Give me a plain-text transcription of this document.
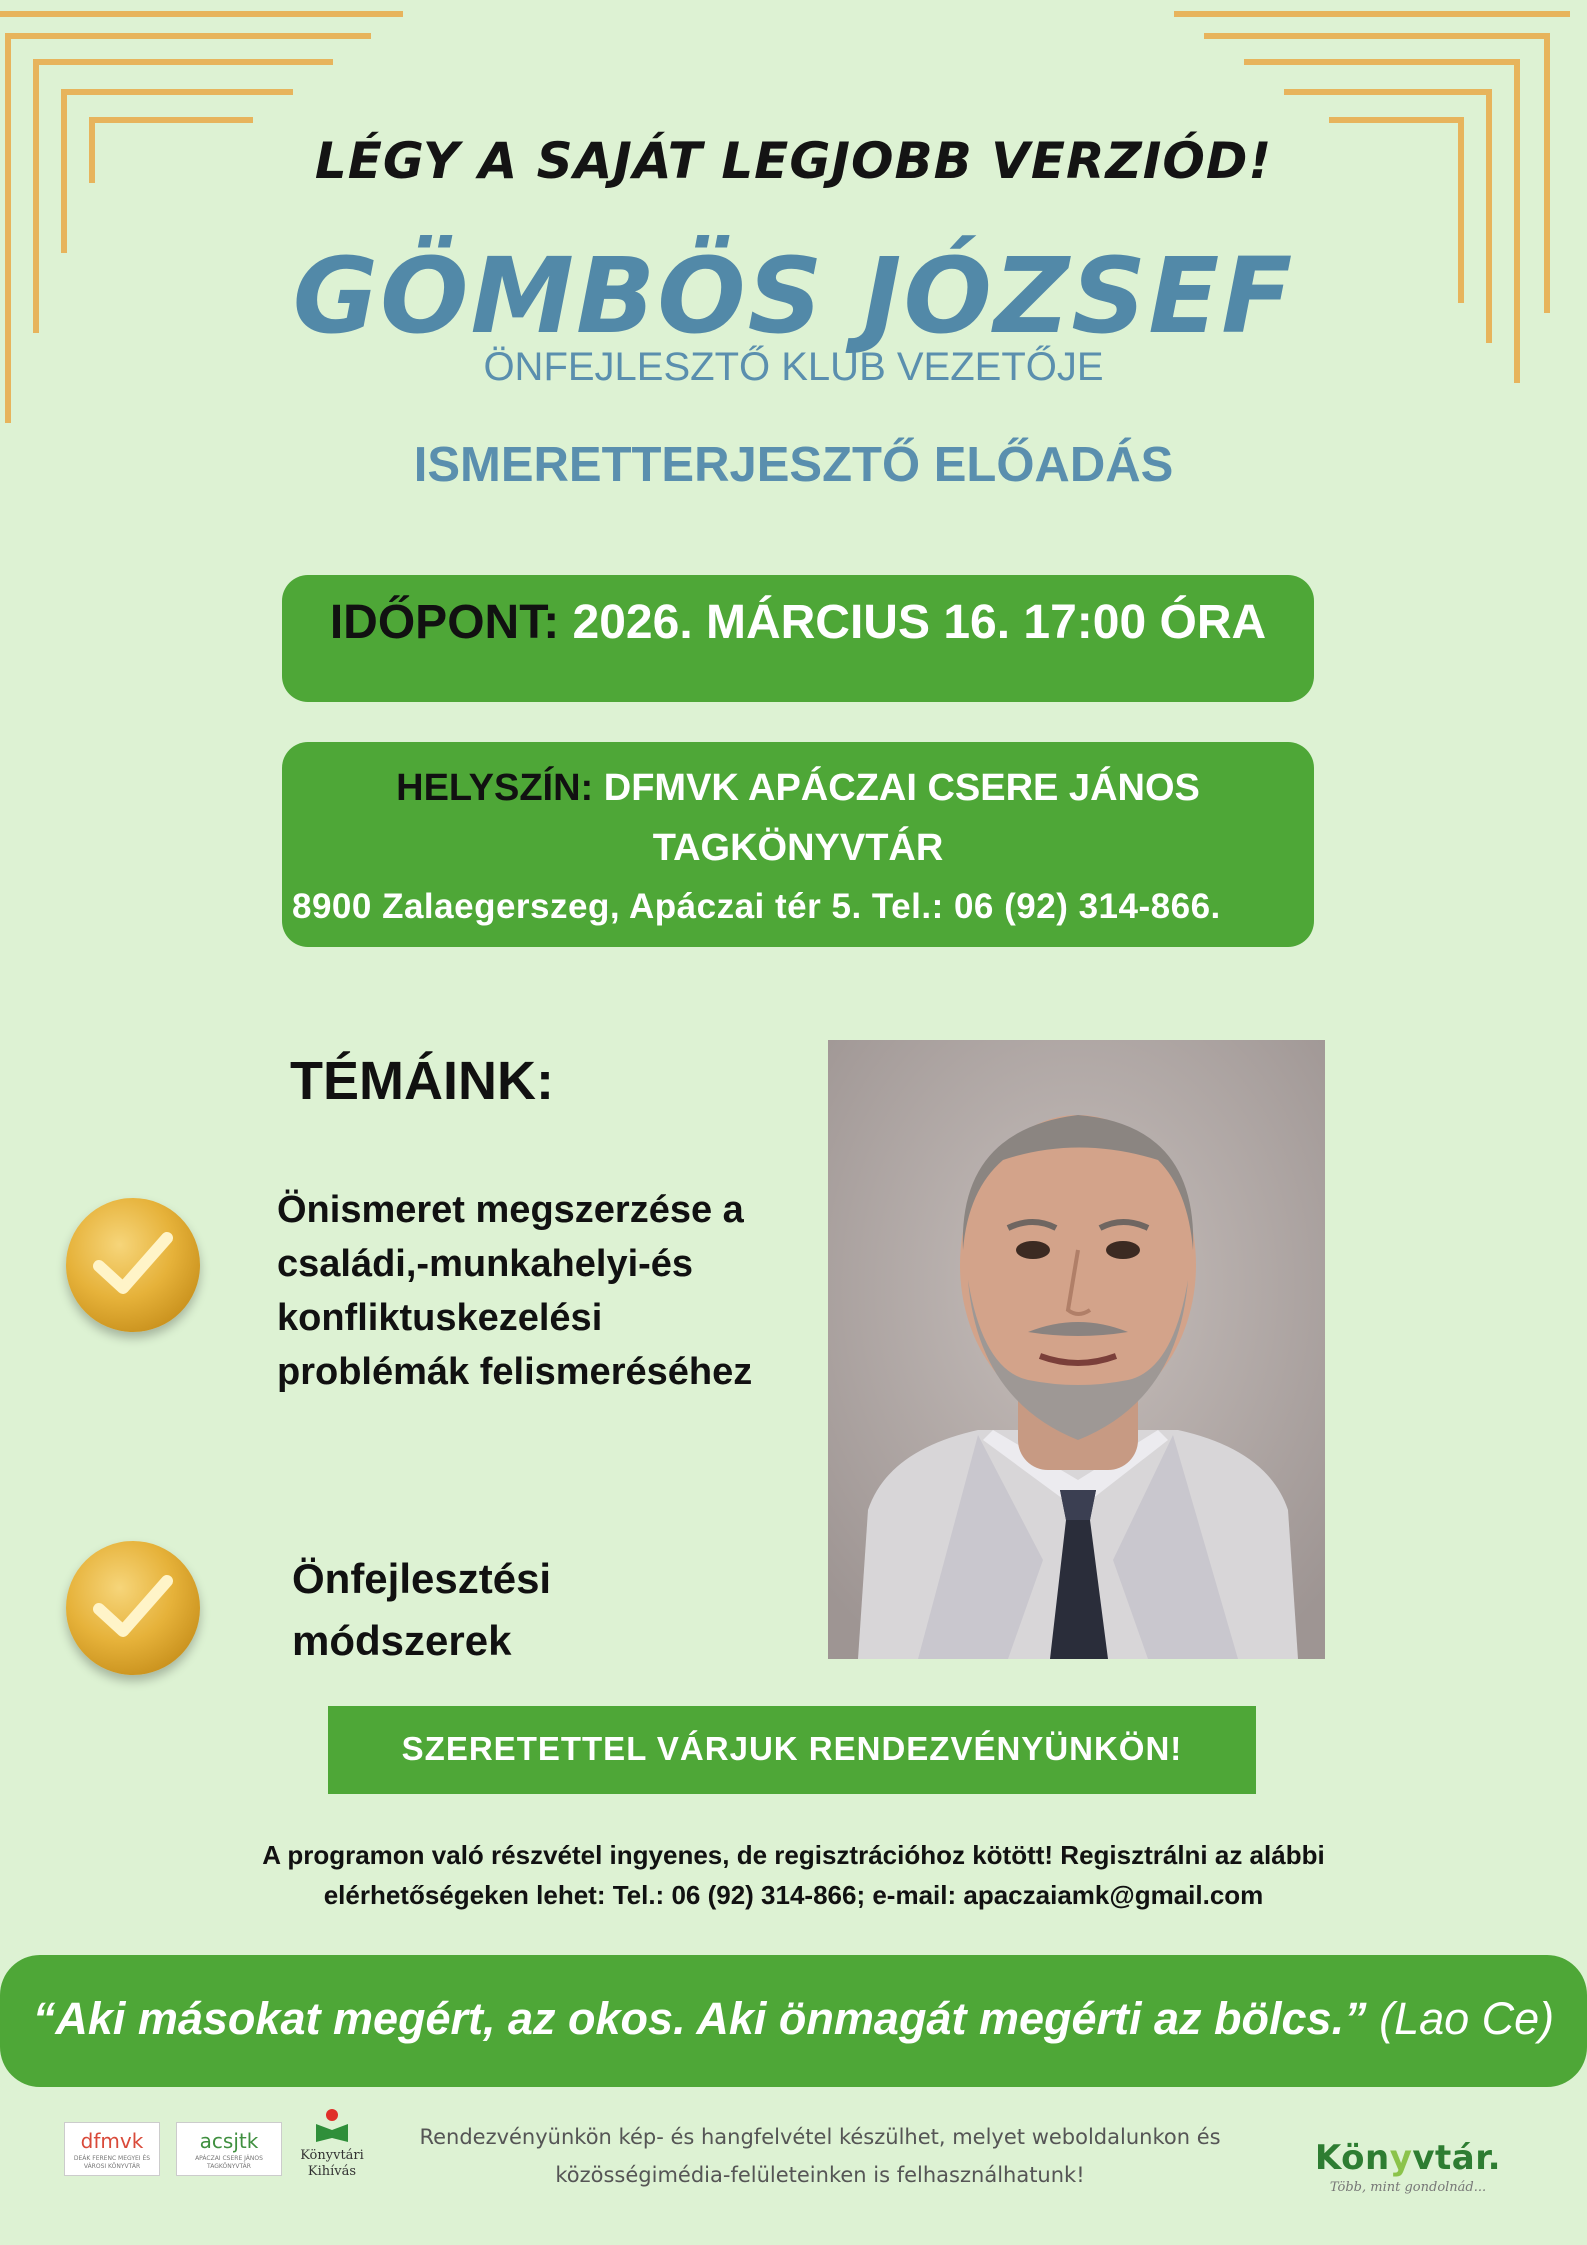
LÉGY A SAJÁT LEGJOBB VERZIÓD!
GÖMBÖS JÓZSEF
ÖNFEJLESZTŐ KLUB VEZETŐJE
ISMERETTERJESZTŐ ELŐADÁS
IDŐPONT: 2026. MÁRCIUS 16. 17:00 ÓRA
HELYSZÍN: DFMVK APÁCZAI CSERE JÁNOS
TAGKÖNYVTÁR
8900 Zalaegerszeg, Apáczai tér 5. Tel.: 06 (92) 314-866.
TÉMÁINK:
Önismeret megszerzése a
családi,-munkahelyi-és
konfliktuskezelési
problémák felismeréséhez
Önfejlesztési
módszerek
SZERETETTEL VÁRJUK RENDEZVÉNYÜNKÖN!
A programon való részvétel ingyenes, de regisztrációhoz kötött! Regisztrálni az alábbi
elérhetőségeken lehet: Tel.: 06 (92) 314-866; e-mail: apaczaiamk@gmail.com
“Aki másokat megért, az okos. Aki önmagát megérti az bölcs.” (Lao Ce)
dfmvk
DEÁK FERENC MEGYEI ÉS VÁROSI KÖNYVTÁR
acsjtk
APÁCZAI CSERE JÁNOS TAGKÖNYVTÁR
Könyvtári
Kihívás
Rendezvényünkön kép- és hangfelvétel készülhet, melyet weboldalunkon és
közösségimédia-felületeinken is felhasználhatunk!	Könyvtár.
Több, mint gondolnád...
